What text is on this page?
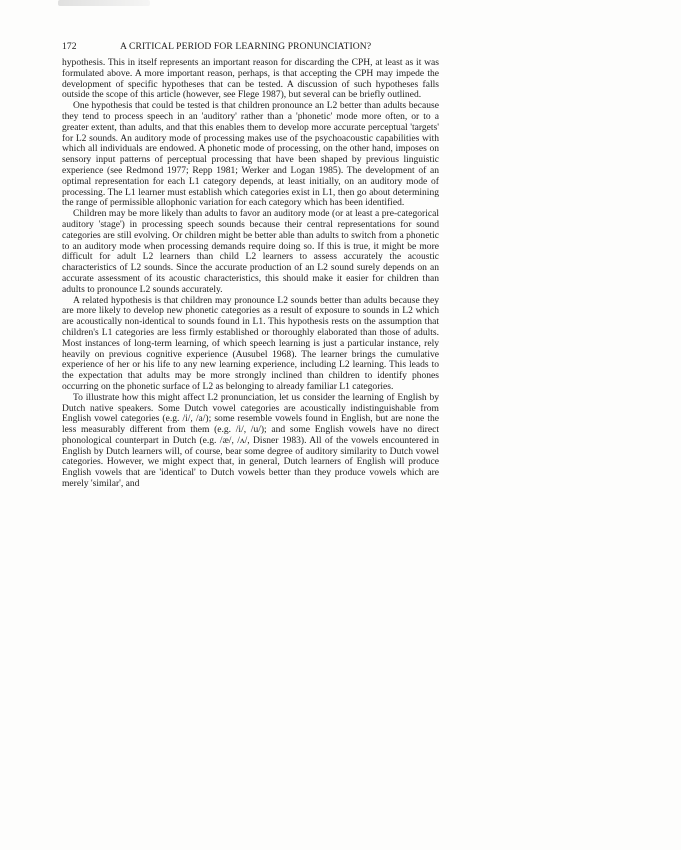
172	A CRITICAL PERIOD FOR LEARNING PRONUNCIATION?

hypothesis. This in itself represents an important reason for discarding the CPH, at least as it was formulated above. A more important reason, perhaps, is that accepting the CPH may impede the development of specific hypotheses that can be tested. A discussion of such hypotheses falls outside the scope of this article (however, see Flege 1987), but several can be briefly outlined.

One hypothesis that could be tested is that children pronounce an L2 better than adults because they tend to process speech in an 'auditory' rather than a 'phonetic' mode more often, or to a greater extent, than adults, and that this enables them to develop more accurate perceptual 'targets' for L2 sounds. An auditory mode of processing makes use of the psychoacoustic capabilities with which all individuals are endowed. A phonetic mode of processing, on the other hand, imposes on sensory input patterns of perceptual processing that have been shaped by previous linguistic experience (see Redmond 1977; Repp 1981; Werker and Logan 1985). The development of an optimal representation for each L1 category depends, at least initially, on an auditory mode of processing. The L1 learner must establish which categories exist in L1, then go about determining the range of permissible allophonic variation for each category which has been identified.

Children may be more likely than adults to favor an auditory mode (or at least a pre-categorical auditory 'stage') in processing speech sounds because their central representations for sound categories are still evolving. Or children might be better able than adults to switch from a phonetic to an auditory mode when processing demands require doing so. If this is true, it might be more difficult for adult L2 learners than child L2 learners to assess accurately the acoustic characteristics of L2 sounds. Since the accurate production of an L2 sound surely depends on an accurate assessment of its acoustic characteristics, this should make it easier for children than adults to pronounce L2 sounds accurately.

A related hypothesis is that children may pronounce L2 sounds better than adults because they are more likely to develop new phonetic categories as a result of exposure to sounds in L2 which are acoustically non-identical to sounds found in L1. This hypothesis rests on the assumption that children's L1 categories are less firmly established or thoroughly elaborated than those of adults. Most instances of long-term learning, of which speech learning is just a particular instance, rely heavily on previous cognitive experience (Ausubel 1968). The learner brings the cumulative experience of her or his life to any new learning experience, including L2 learning. This leads to the expectation that adults may be more strongly inclined than children to identify phones occurring on the phonetic surface of L2 as belonging to already familiar L1 categories.

To illustrate how this might affect L2 pronunciation, let us consider the learning of English by Dutch native speakers. Some Dutch vowel categories are acoustically indistinguishable from English vowel categories (e.g. /i/, /a/); some resemble vowels found in English, but are none the less measurably different from them (e.g. /i/, /u/); and some English vowels have no direct phonological counterpart in Dutch (e.g. /æ/, /ʌ/, Disner 1983). All of the vowels encountered in English by Dutch learners will, of course, bear some degree of auditory similarity to Dutch vowel categories. However, we might expect that, in general, Dutch learners of English will produce English vowels that are 'identical' to Dutch vowels better than they produce vowels which are merely 'similar', and
